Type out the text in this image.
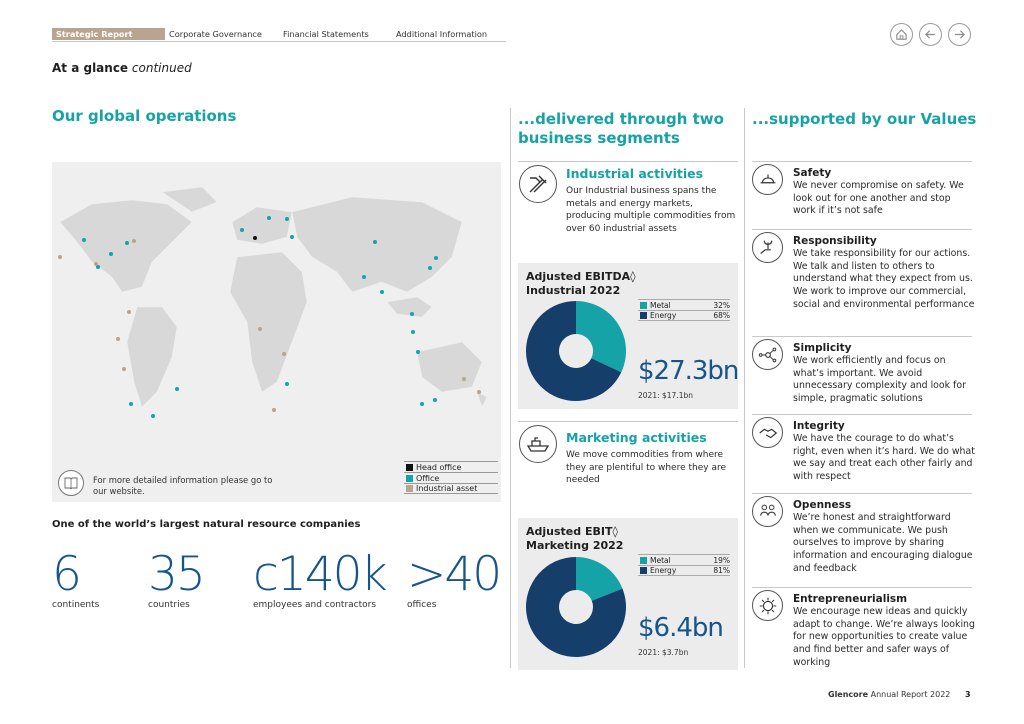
Strategic Report	Corporate Governance	Financial Statements	Additional Information
At a glance continued
Our global operations
For more detailed information please go to our website.
Head office
Office
Industrial asset
One of the world’s largest natural resource companies
6
continents
35
countries
c140k
employees and contractors
>40
offices
...delivered through two business segments
Industrial activities
Our Industrial business spans the metals and energy markets, producing multiple commodities from over 60 industrial assets
Adjusted EBITDA◊ Industrial 2022
Metal	32%
Energy	68%
$27.3bn
2021: $17.1bn
Marketing activities
We move commodities from where they are plentiful to where they are needed
Adjusted EBIT◊ Marketing 2022
Metal	19%
Energy	81%
$6.4bn
2021: $3.7bn
...supported by our Values
Safety
We never compromise on safety. We look out for one another and stop work if it’s not safe
Responsibility
We take responsibility for our actions. We talk and listen to others to understand what they expect from us. We work to improve our commercial, social and environmental performance
Simplicity
We work efficiently and focus on what’s important. We avoid unnecessary complexity and look for simple, pragmatic solutions
Integrity
We have the courage to do what’s right, even when it’s hard. We do what we say and treat each other fairly and with respect
Openness
We’re honest and straightforward when we communicate. We push ourselves to improve by sharing information and encouraging dialogue and feedback
Entrepreneurialism
We encourage new ideas and quickly adapt to change. We’re always looking for new opportunities to create value and find better and safer ways of working
Glencore Annual Report 2022 3
